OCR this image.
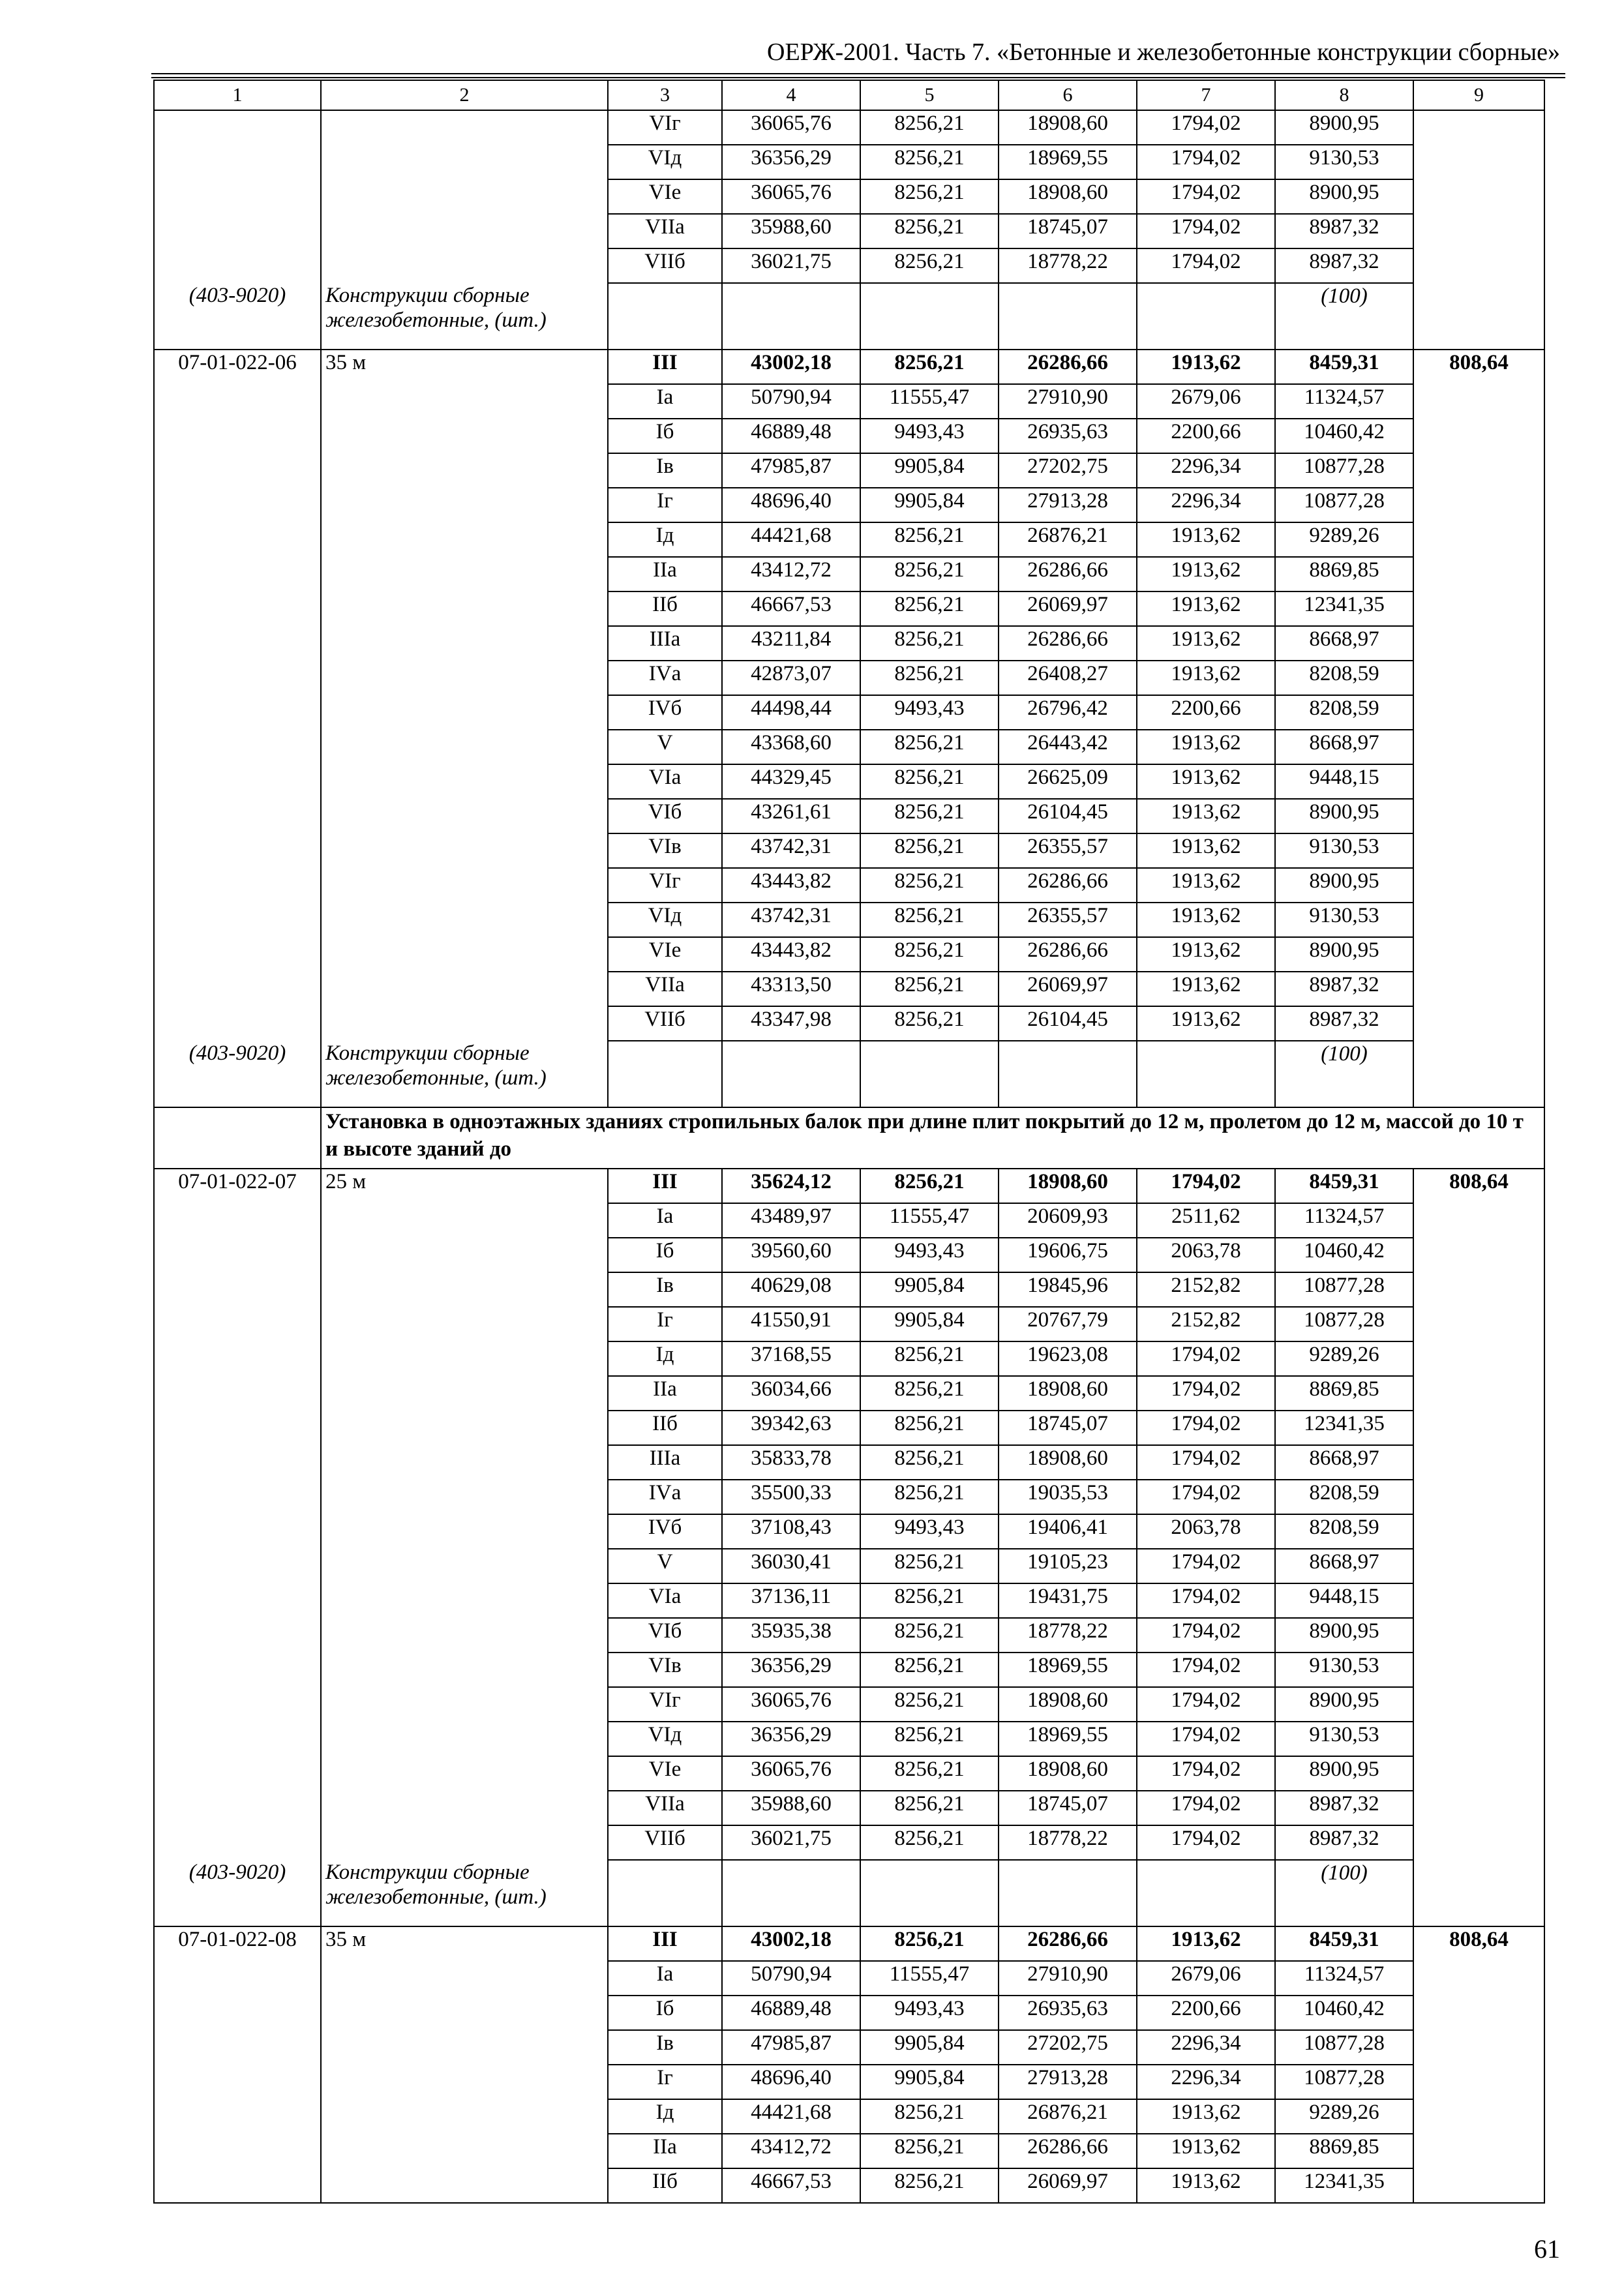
ОЕРЖ-2001. Часть 7. «Бетонные и железобетонные конструкции сборные»
1	2	3	4	5	6	7	8	9
		VIг	36065,76	8256,21	18908,60	1794,02	8900,95	
		VIд	36356,29	8256,21	18969,55	1794,02	9130,53	
		VIе	36065,76	8256,21	18908,60	1794,02	8900,95	
		VIIа	35988,60	8256,21	18745,07	1794,02	8987,32	
		VIIб	36021,75	8256,21	18778,22	1794,02	8987,32	
(403-9020)	Конструкции сборные железобетонные, (шт.)						(100)	
07-01-022-06	35 м	III	43002,18	8256,21	26286,66	1913,62	8459,31	808,64
		Iа	50790,94	11555,47	27910,90	2679,06	11324,57	
		Iб	46889,48	9493,43	26935,63	2200,66	10460,42	
		Iв	47985,87	9905,84	27202,75	2296,34	10877,28	
		Iг	48696,40	9905,84	27913,28	2296,34	10877,28	
		Iд	44421,68	8256,21	26876,21	1913,62	9289,26	
		IIа	43412,72	8256,21	26286,66	1913,62	8869,85	
		IIб	46667,53	8256,21	26069,97	1913,62	12341,35	
		IIIа	43211,84	8256,21	26286,66	1913,62	8668,97	
		IVа	42873,07	8256,21	26408,27	1913,62	8208,59	
		IVб	44498,44	9493,43	26796,42	2200,66	8208,59	
		V	43368,60	8256,21	26443,42	1913,62	8668,97	
		VIа	44329,45	8256,21	26625,09	1913,62	9448,15	
		VIб	43261,61	8256,21	26104,45	1913,62	8900,95	
		VIв	43742,31	8256,21	26355,57	1913,62	9130,53	
		VIг	43443,82	8256,21	26286,66	1913,62	8900,95	
		VIд	43742,31	8256,21	26355,57	1913,62	9130,53	
		VIе	43443,82	8256,21	26286,66	1913,62	8900,95	
		VIIа	43313,50	8256,21	26069,97	1913,62	8987,32	
		VIIб	43347,98	8256,21	26104,45	1913,62	8987,32	
(403-9020)	Конструкции сборные железобетонные, (шт.)						(100)	
	Установка в одноэтажных зданиях стропильных балок при длине плит покрытий до 12 м, пролетом до 12 м, массой до 10 т и высоте зданий до							
07-01-022-07	25 м	III	35624,12	8256,21	18908,60	1794,02	8459,31	808,64
		Iа	43489,97	11555,47	20609,93	2511,62	11324,57	
		Iб	39560,60	9493,43	19606,75	2063,78	10460,42	
		Iв	40629,08	9905,84	19845,96	2152,82	10877,28	
		Iг	41550,91	9905,84	20767,79	2152,82	10877,28	
		Iд	37168,55	8256,21	19623,08	1794,02	9289,26	
		IIа	36034,66	8256,21	18908,60	1794,02	8869,85	
		IIб	39342,63	8256,21	18745,07	1794,02	12341,35	
		IIIа	35833,78	8256,21	18908,60	1794,02	8668,97	
		IVа	35500,33	8256,21	19035,53	1794,02	8208,59	
		IVб	37108,43	9493,43	19406,41	2063,78	8208,59	
		V	36030,41	8256,21	19105,23	1794,02	8668,97	
		VIа	37136,11	8256,21	19431,75	1794,02	9448,15	
		VIб	35935,38	8256,21	18778,22	1794,02	8900,95	
		VIв	36356,29	8256,21	18969,55	1794,02	9130,53	
		VIг	36065,76	8256,21	18908,60	1794,02	8900,95	
		VIд	36356,29	8256,21	18969,55	1794,02	9130,53	
		VIе	36065,76	8256,21	18908,60	1794,02	8900,95	
		VIIа	35988,60	8256,21	18745,07	1794,02	8987,32	
		VIIб	36021,75	8256,21	18778,22	1794,02	8987,32	
(403-9020)	Конструкции сборные железобетонные, (шт.)						(100)	
07-01-022-08	35 м	III	43002,18	8256,21	26286,66	1913,62	8459,31	808,64
		Iа	50790,94	11555,47	27910,90	2679,06	11324,57	
		Iб	46889,48	9493,43	26935,63	2200,66	10460,42	
		Iв	47985,87	9905,84	27202,75	2296,34	10877,28	
		Iг	48696,40	9905,84	27913,28	2296,34	10877,28	
		Iд	44421,68	8256,21	26876,21	1913,62	9289,26	
		IIа	43412,72	8256,21	26286,66	1913,62	8869,85	
		IIб	46667,53	8256,21	26069,97	1913,62	12341,35	
61
